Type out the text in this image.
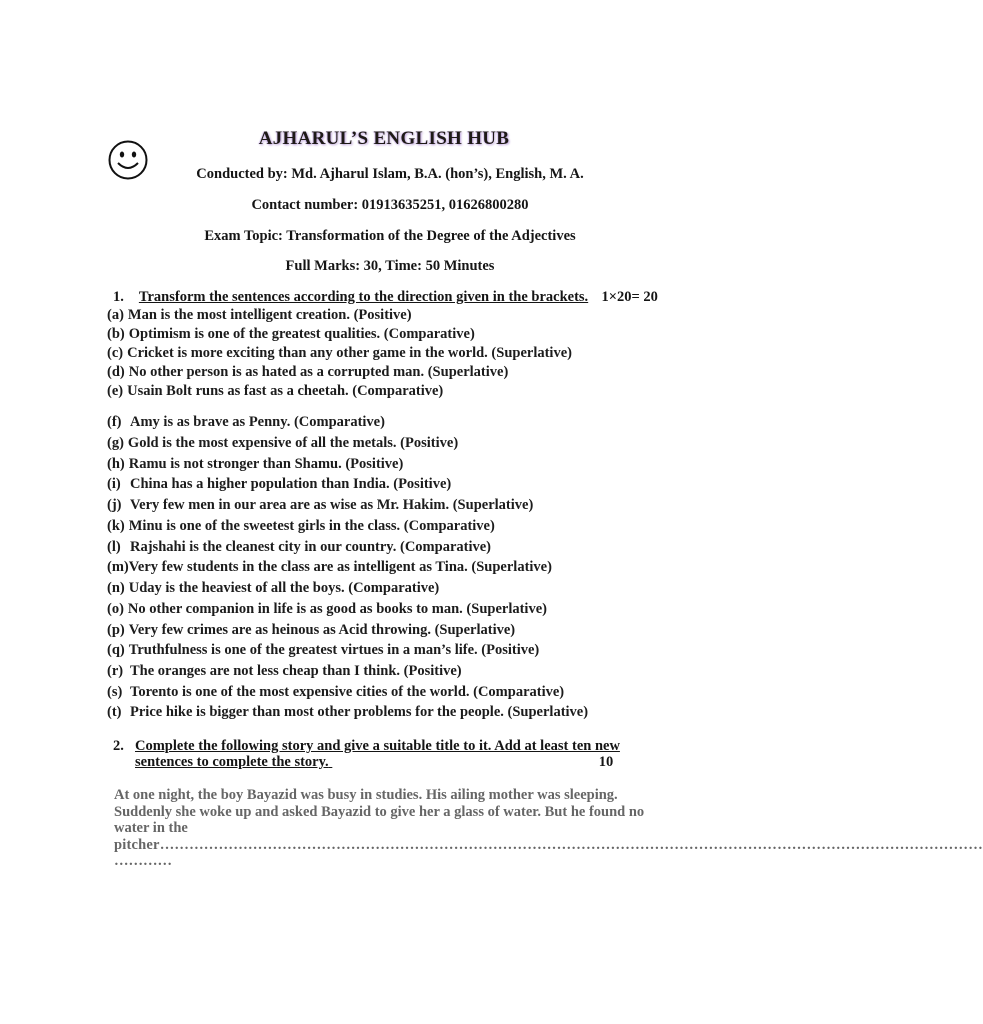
AJHARUL’S ENGLISH HUB
Conducted by: Md. Ajharul Islam, B.A. (hon’s), English, M. A.
Contact number: 01913635251, 01626800280
Exam Topic: Transformation of the Degree of the Adjectives
Full Marks: 30, Time: 50 Minutes
1. Transform the sentences according to the direction given in the brackets. 1×20= 20
(a) Man is the most intelligent creation. (Positive)
(b) Optimism is one of the greatest qualities. (Comparative)
(c) Cricket is more exciting than any other game in the world. (Superlative)
(d) No other person is as hated as a corrupted man. (Superlative)
(e) Usain Bolt runs as fast as a cheetah. (Comparative)
(f) Amy is as brave as Penny. (Comparative)
(g) Gold is the most expensive of all the metals. (Positive)
(h) Ramu is not stronger than Shamu. (Positive)
(i) China has a higher population than India. (Positive)
(j) Very few men in our area are as wise as Mr. Hakim. (Superlative)
(k) Minu is one of the sweetest girls in the class. (Comparative)
(l) Rajshahi is the cleanest city in our country. (Comparative)
(m)Very few students in the class are as intelligent as Tina. (Superlative)
(n) Uday is the heaviest of all the boys. (Comparative)
(o) No other companion in life is as good as books to man. (Superlative)
(p) Very few crimes are as heinous as Acid throwing. (Superlative)
(q) Truthfulness is one of the greatest virtues in a man’s life. (Positive)
(r) The oranges are not less cheap than I think. (Positive)
(s) Torento is one of the most expensive cities of the world. (Comparative)
(t) Price hike is bigger than most other problems for the people. (Superlative)
2. Complete the following story and give a suitable title to it. Add at least ten new
sentences to complete the story.	10

At one night, the boy Bayazid was busy in studies. His ailing mother was sleeping.

Suddenly she woke up and asked Bayazid to give her a glass of water. But he found no

water in the

pitcher……………………………………………………………………………………………………………………………………………………

…………
